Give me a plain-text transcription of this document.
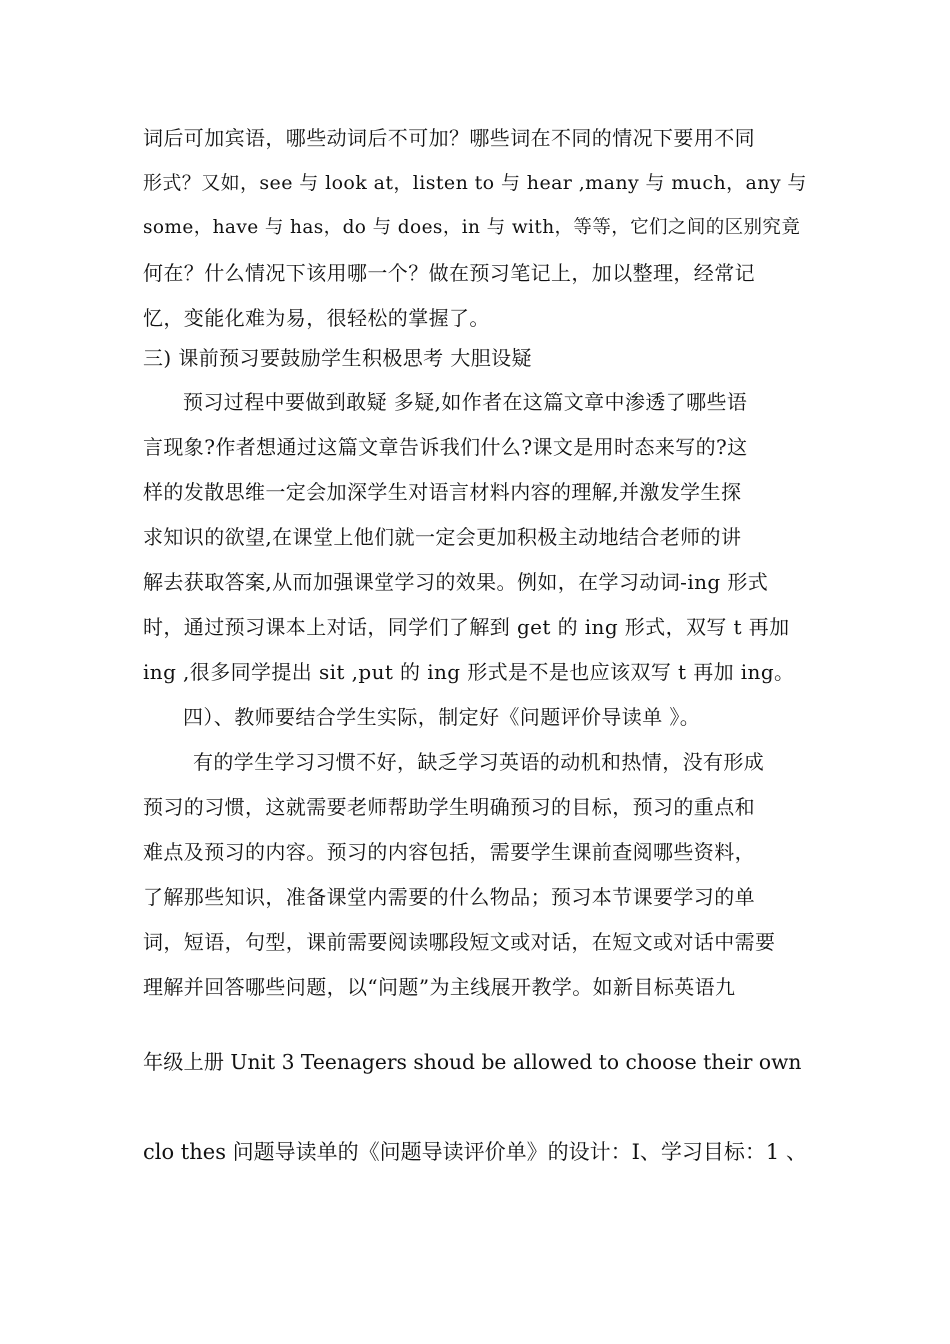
词后可加宾语，哪些动词后不可加？哪些词在不同的情况下要用不同
形式？又如，see 与 look at，listen to 与 hear ,many 与 much，any 与
some，have 与 has，do 与 does，in 与 with，等等，它们之间的区别究竟
何在？什么情况下该用哪一个？做在预习笔记上，加以整理，经常记
忆，变能化难为易，很轻松的掌握了。
三) 课前预习要鼓励学生积极思考 大胆设疑
预习过程中要做到敢疑 多疑,如作者在这篇文章中渗透了哪些语
言现象?作者想通过这篇文章告诉我们什么?课文是用时态来写的?这
样的发散思维一定会加深学生对语言材料内容的理解,并激发学生探
求知识的欲望,在课堂上他们就一定会更加积极主动地结合老师的讲
解去获取答案,从而加强课堂学习的效果。例如，在学习动词-ing 形式
时，通过预习课本上对话，同学们了解到 get 的 ing 形式，双写 t 再加
ing ,很多同学提出 sit ,put 的 ing 形式是不是也应该双写 t 再加 ing。
四）、教师要结合学生实际，制定好《问题评价导读单 》。
有的学生学习习惯不好，缺乏学习英语的动机和热情，没有形成
预习的习惯，这就需要老师帮助学生明确预习的目标，预习的重点和
难点及预习的内容。预习的内容包括，需要学生课前查阅哪些资料，
了解那些知识，准备课堂内需要的什么物品；预习本节课要学习的单
词，短语，句型，课前需要阅读哪段短文或对话，在短文或对话中需要
理解并回答哪些问题，以“问题”为主线展开教学。如新目标英语九
年级上册 Unit 3 Teenagers shoud be allowed to choose their own
clo thes 问题导读单的《问题导读评价单》的设计：Ⅰ、学习目标：1 、
